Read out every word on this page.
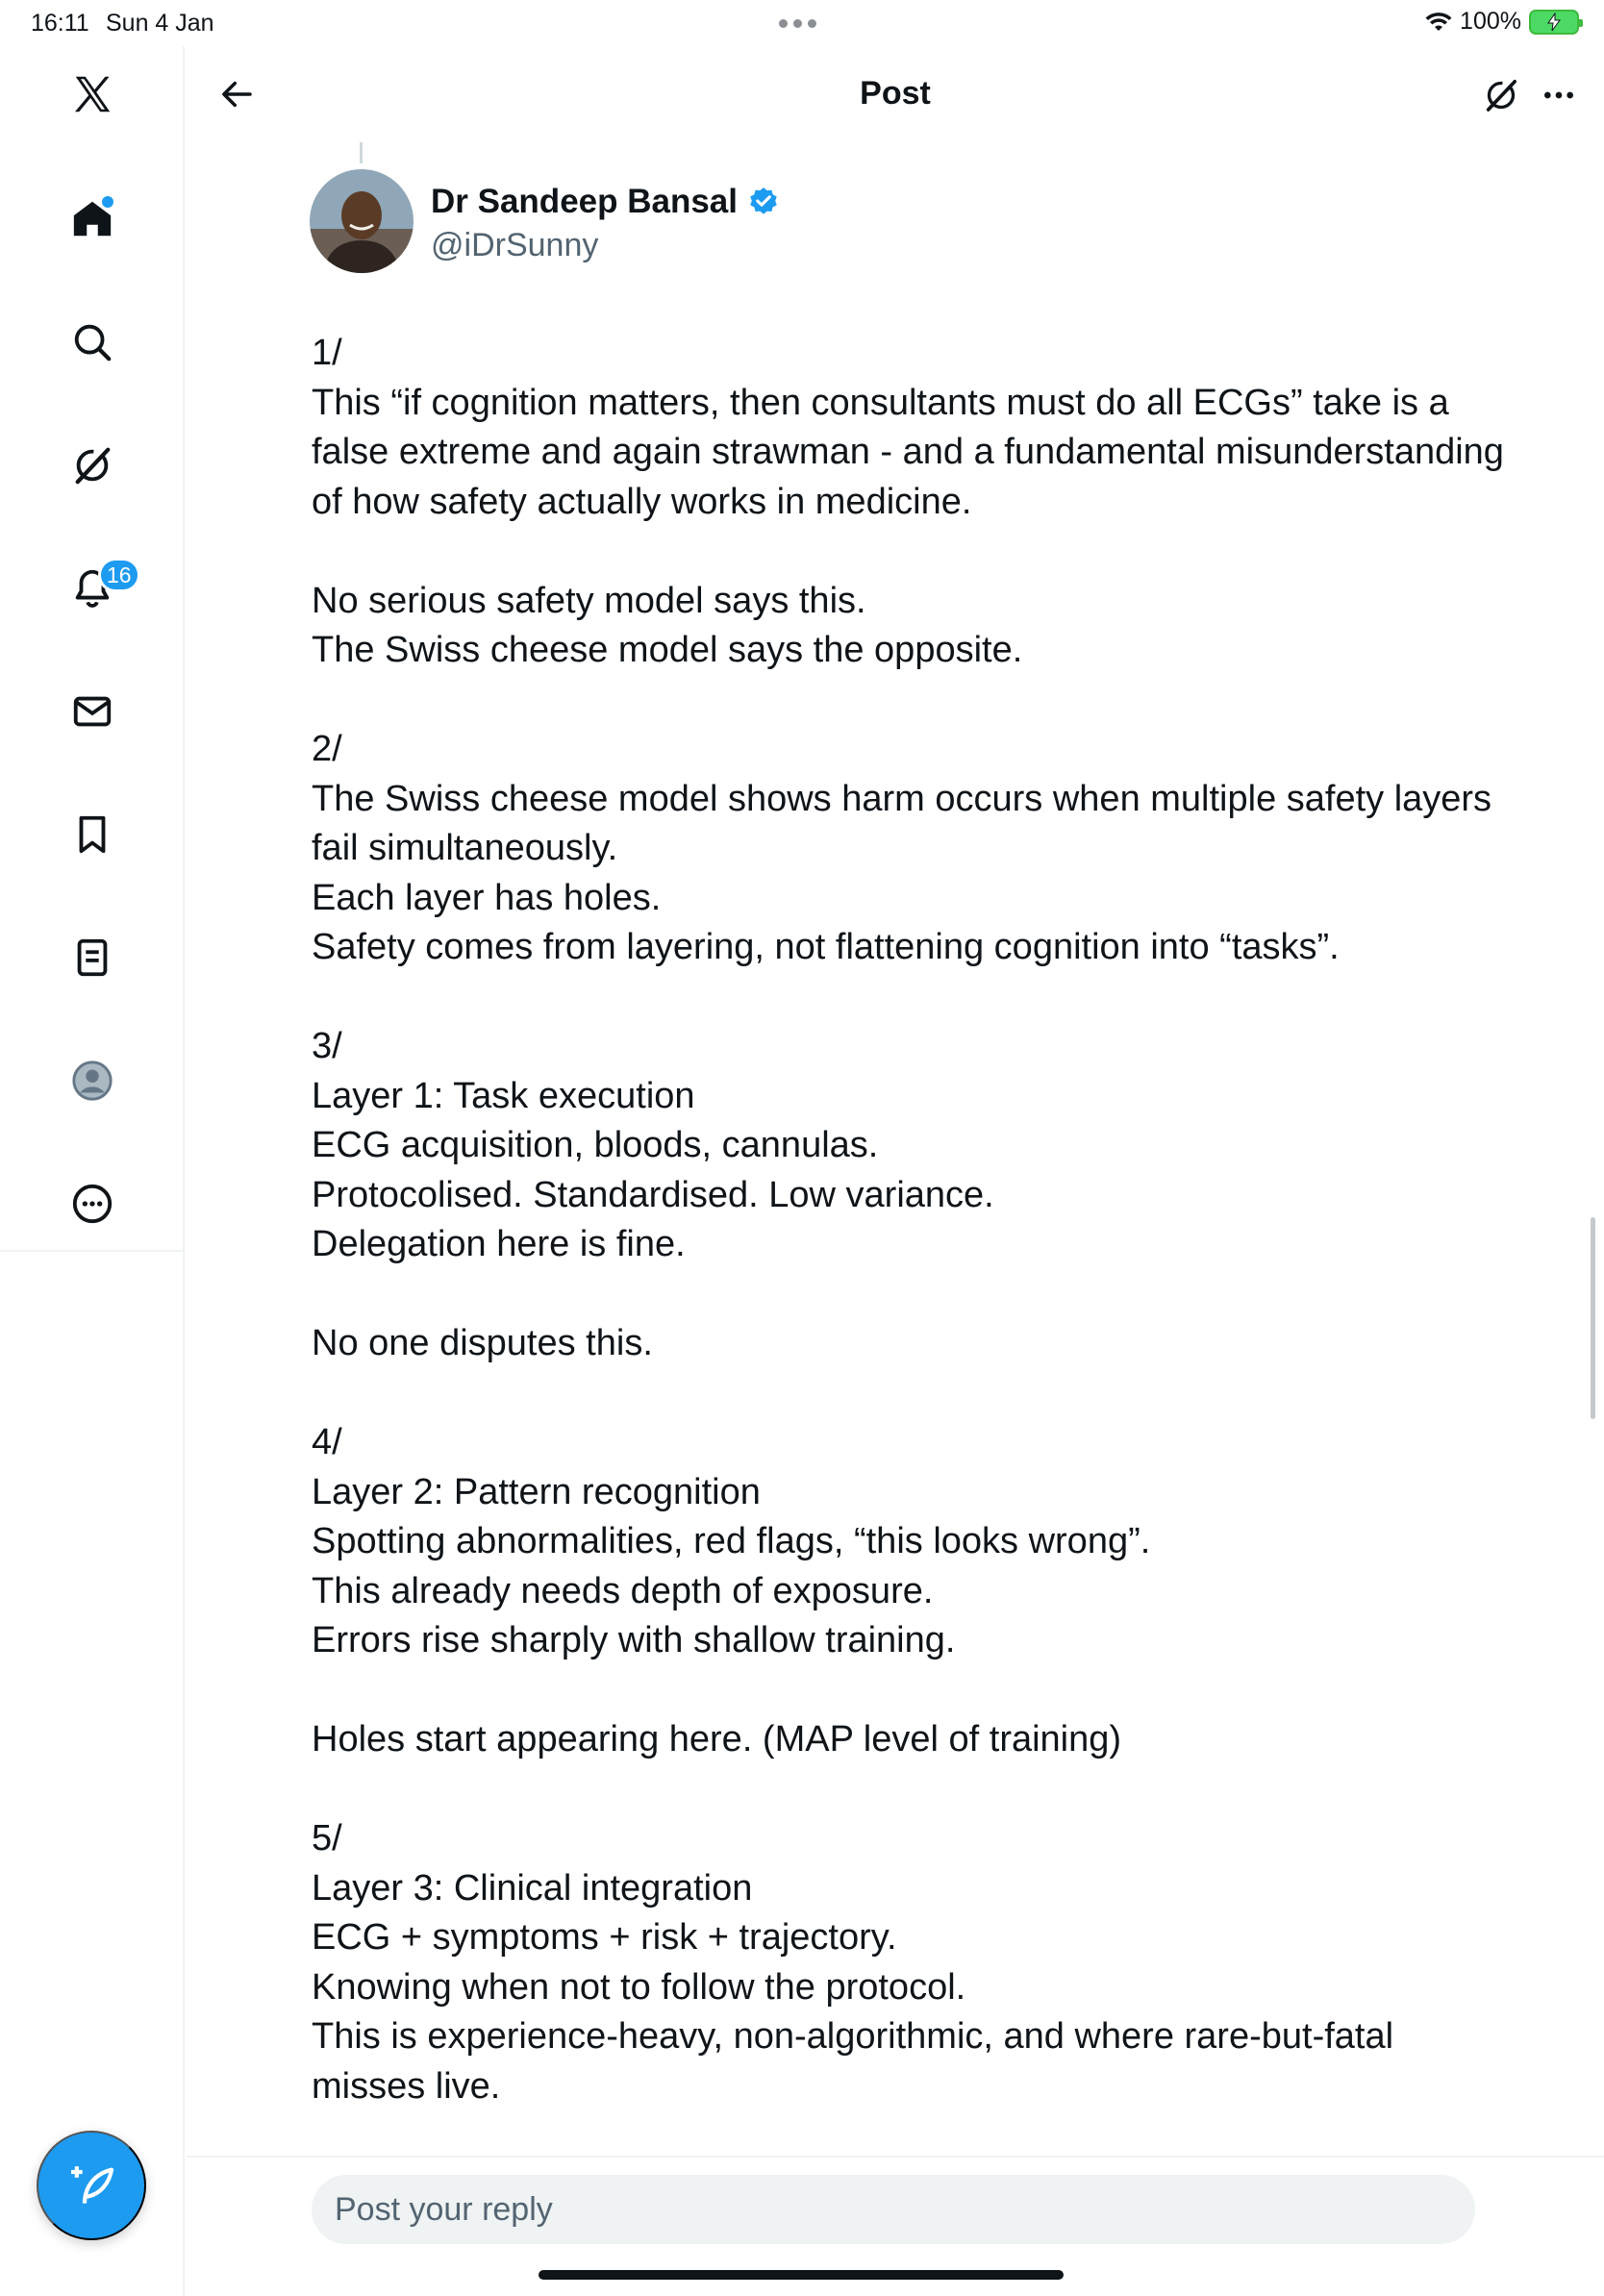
16:11 Sun 4 Jan	100%
16
Post
Dr Sandeep Bansal
@iDrSunny

1/
This “if cognition matters, then consultants must do all ECGs” take is a false extreme and again strawman - and a fundamental misunderstanding of how safety actually works in medicine.

No serious safety model says this.
The Swiss cheese model says the opposite.

2/
The Swiss cheese model shows harm occurs when multiple safety layers fail simultaneously.
Each layer has holes.
Safety comes from layering, not flattening cognition into “tasks”.

3/
Layer 1: Task execution
ECG acquisition, bloods, cannulas.
Protocolised. Standardised. Low variance.
Delegation here is fine.

No one disputes this.

4/
Layer 2: Pattern recognition
Spotting abnormalities, red flags, “this looks wrong”.
This already needs depth of exposure.
Errors rise sharply with shallow training.

Holes start appearing here. (MAP level of training)

5/
Layer 3: Clinical integration
ECG + symptoms + risk + trajectory.
Knowing when not to follow the protocol.
This is experience-heavy, non-algorithmic, and where rare-but-fatal misses live.

Post your reply
